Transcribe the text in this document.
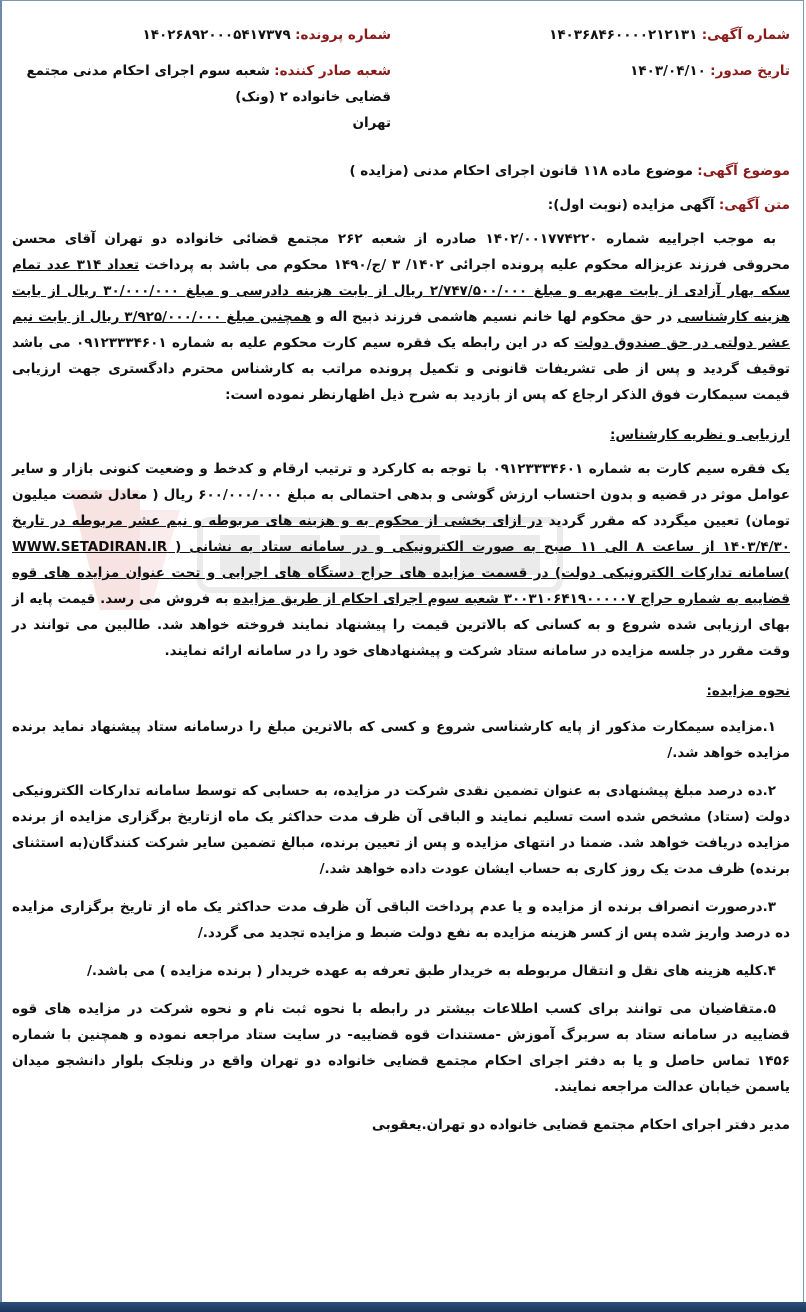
شماره آگهی: ۱۴۰۳۶۸۴۶۰۰۰۰۲۱۲۱۳۱
شماره پرونده: ۱۴۰۲۶۸۹۲۰۰۰۵۴۱۷۳۷۹
تاریخ صدور: ۱۴۰۳/۰۴/۱۰
شعبه صادر کننده: شعبه سوم اجرای احکام مدنی مجتمع قضایی خانواده ۲ (ونک)
تهران
موضوع آگهی: موضوع ماده ۱۱۸ قانون اجرای احکام مدنی (مزایده )
متن آگهی: آگهی مزایده (نوبت اول):

به موجب اجراییه شماره ۱۴۰۲/۰۰۱۷۷۴۲۲۰ صادره از شعبه ۲۶۲ مجتمع قضائی خانواده دو تهران آقای محسن محروقی فرزند عزیزاله محکوم علیه پرونده اجرائی ۱۴۰۲/ ۳ /ج/۱۴۹۰ محکوم می باشد به پرداخت تعداد ۳۱۴ عدد تمام سکه بهار آزادی از بابت مهریه و مبلغ ۲/۷۴۷/۵۰۰/۰۰۰ ریال از بابت هزینه دادرسی و مبلغ ۳۰/۰۰۰/۰۰۰ ریال از بابت هزینه کارشناسی در حق محکوم لها خانم نسیم هاشمی فرزند ذبیح اله و همچنین مبلغ ۳/۹۲۵/۰۰۰/۰۰۰ ریال از بابت نیم عشر دولتی در حق صندوق دولت که در این رابطه یک فقره سیم کارت محکوم علیه به شماره ۰۹۱۲۳۳۳۴۶۰۱ می باشد توقیف گردید و پس از طی تشریفات قانونی و تکمیل پرونده مراتب به کارشناس محترم دادگستری جهت ارزیابی قیمت سیمکارت فوق الذکر ارجاع که پس از بازدید به شرح ذیل اظهارنظر نموده است:

ارزیابی و نظریه کارشناس:

یک فقره سیم کارت به شماره ۰۹۱۲۳۳۳۴۶۰۱ با توجه به کارکرد و ترتیب ارقام و کدخط و وضعیت کنونی بازار و سایر عوامل موثر در قضیه و بدون احتساب ارزش گوشی و بدهی احتمالی به مبلغ ۶۰۰/۰۰۰/۰۰۰ ریال ( معادل شصت میلیون تومان) تعیین میگردد که مقرر گردید در ازای بخشی از محکوم به و هزینه های مربوطه و نیم عشر مربوطه در تاریخ ۱۴۰۳/۴/۳۰ از ساعت ۸ الی ۱۱ صبح به صورت الکترونیکی و در سامانه ستاد به نشانی ( WWW.SETADIRAN.IR )سامانه تدارکات الکترونیکی دولت) در قسمت مزایده های حراج دستگاه های اجرایی و تحت عنوان مزایده های قوه قضاییه به شماره حراج ۳۰۰۳۱۰۶۴۱۹۰۰۰۰۰۷ شعبه سوم اجرای احکام از طریق مزایده به فروش می رسد. قیمت پایه از بهای ارزیابی شده شروع و به کسانی که بالاترین قیمت را پیشنهاد نمایند فروخته خواهد شد. طالبین می توانند در وقت مقرر در جلسه مزایده در سامانه ستاد شرکت و پیشنهادهای خود را در سامانه ارائه نمایند.

نحوه مزایده:

۱.مزایده سیمکارت مذکور از پایه کارشناسی شروع و کسی که بالاترین مبلغ را درسامانه ستاد پیشنهاد نماید برنده مزایده خواهد شد./

۲.ده درصد مبلغ پیشنهادی به عنوان تضمین نقدی شرکت در مزایده، به حسابی که توسط سامانه تدارکات الکترونیکی دولت (ستاد) مشخص شده است تسلیم نمایند و الباقی آن ظرف مدت حداکثر یک ماه ازتاریخ برگزاری مزایده از برنده مزایده دریافت خواهد شد. ضمنا در انتهای مزایده و پس از تعیین برنده، مبالغ تضمین سایر شرکت کنندگان(به استثنای برنده) ظرف مدت یک روز کاری به حساب ایشان عودت داده خواهد شد./

۳.درصورت انصراف برنده از مزایده و یا عدم پرداخت الباقی آن ظرف مدت حداکثر یک ماه از تاریخ برگزاری مزایده ده درصد واریز شده پس از کسر هزینه مزایده به نفع دولت ضبط و مزایده تجدید می گردد./

۴.کلیه هزینه های نقل و انتقال مربوطه به خریدار طبق تعرفه به عهده خریدار ( برنده مزایده ) می باشد./

۵.متقاضیان می توانند برای کسب اطلاعات بیشتر در رابطه با نحوه ثبت نام و نحوه شرکت در مزایده های قوه قضاییه در سامانه ستاد به سربرگ آموزش -مستندات قوه قضاییه- در سایت ستاد مراجعه نموده و همچنین با شماره ۱۴۵۶ تماس حاصل و یا به دفتر اجرای احکام مجتمع قضایی خانواده دو تهران واقع در ونلجک بلوار دانشجو میدان یاسمن خیابان عدالت مراجعه نمایند.

مدیر دفتر اجرای احکام مجتمع قضایی خانواده دو تهران.یعقوبی
